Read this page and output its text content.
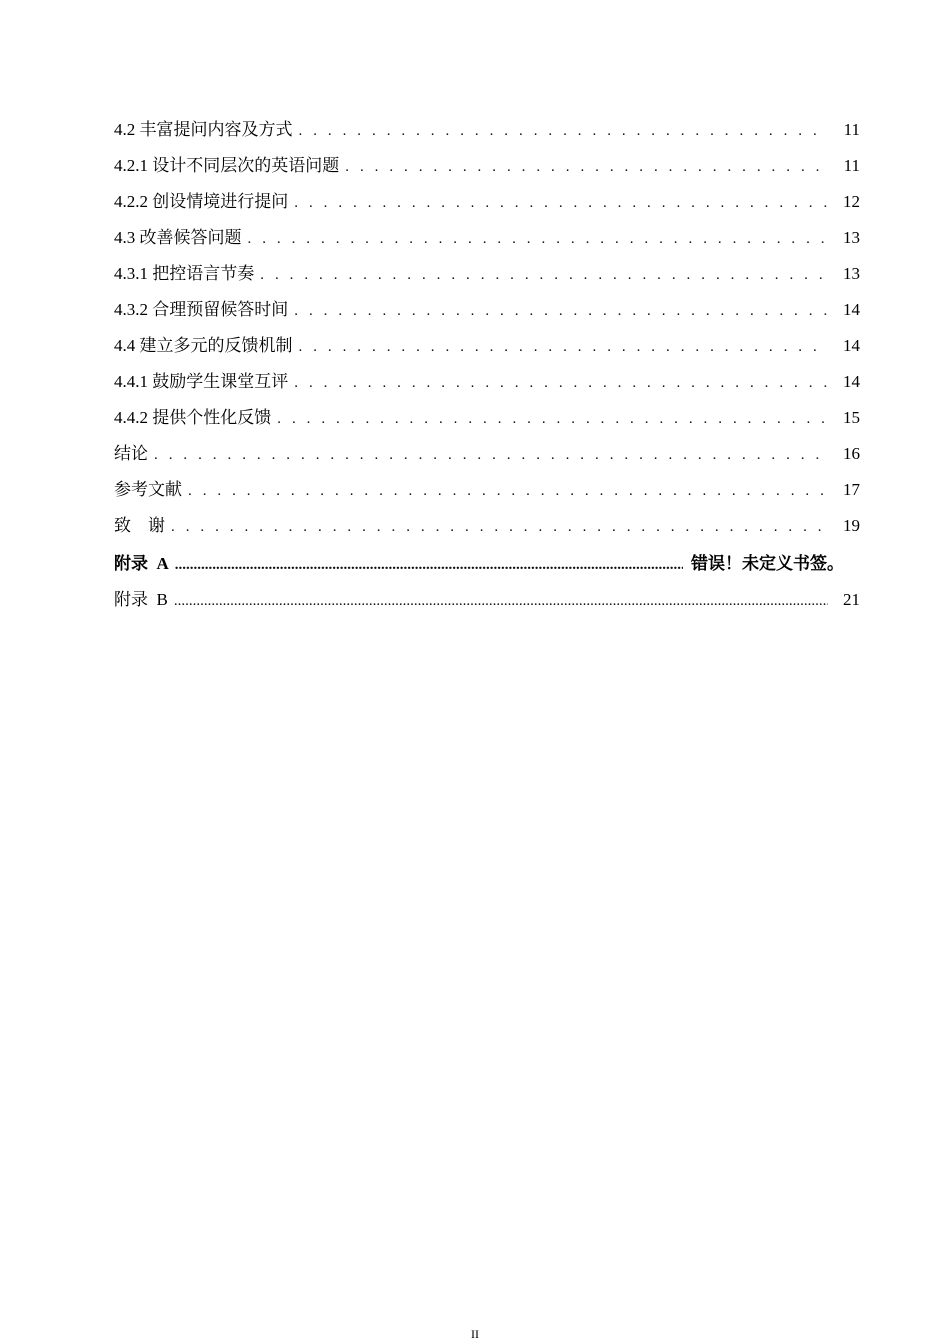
4.2 丰富提问内容及方式 . . .	11
4.2.1 设计不同层次的英语问题 . . .	11
4.2.2 创设情境进行提问 . . .	12
4.3 改善候答问题 . . .	13
4.3.1 把控语言节奏 . . .	13
4.3.2 合理预留候答时间 . . .	14
4.4 建立多元的反馈机制 . . .	14
4.4.1 鼓励学生课堂互评 . . .	14
4.4.2 提供个性化反馈 . . .	15
结论 . . .	16
参考文献 . . .	17
致    谢 . . .	19
附录  A .....	错误！未定义书签。
附录  B .....	21
II
